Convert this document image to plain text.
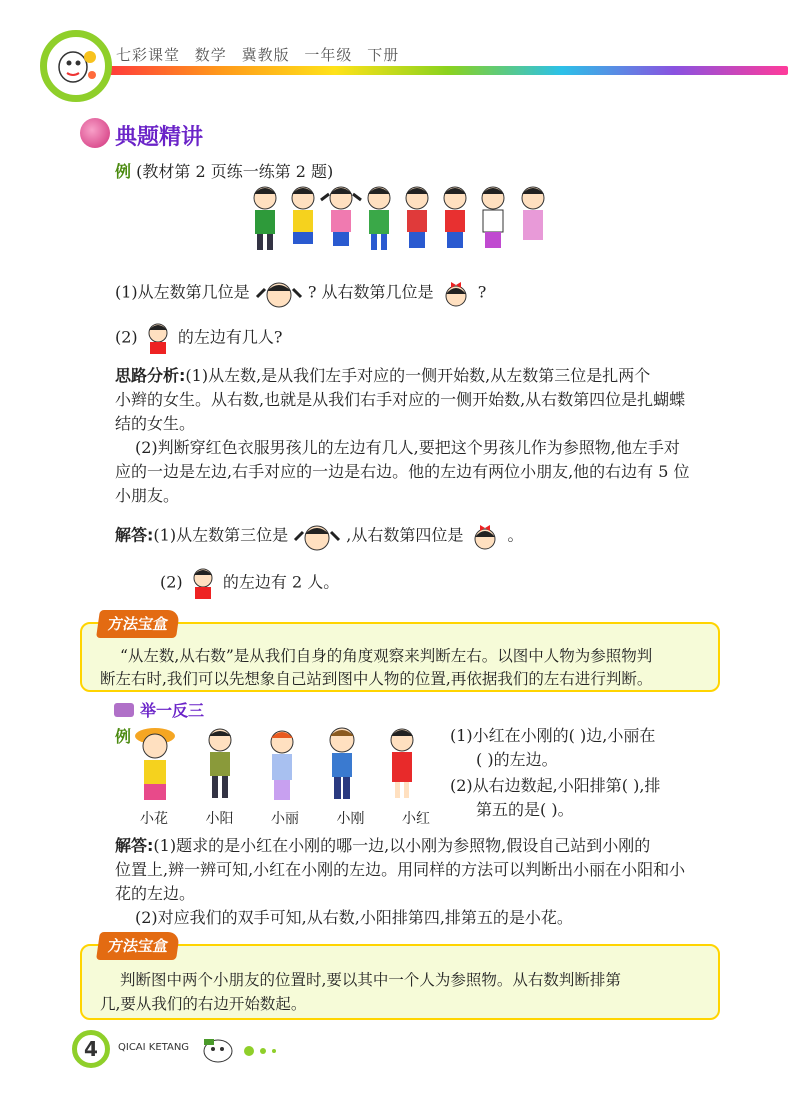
七彩课堂 数学 冀教版 一年级 下册
典题精讲
例 (教材第 2 页练一练第 2 题)
(1)从左数第几位是	? 从右数第几位是	?
(2)	的左边有几人?
思路分析:(1)从左数,是从我们左手对应的一侧开始数,从左数第三位是扎两个
小辫的女生。从右数,也就是从我们右手对应的一侧开始数,从右数第四位是扎蝴蝶
结的女生。
(2)判断穿红色衣服男孩儿的左边有几人,要把这个男孩儿作为参照物,他左手对
应的一边是左边,右手对应的一边是右边。他的左边有两位小朋友,他的右边有 5 位
小朋友。
解答:(1)从左数第三位是	,从右数第四位是	。
(2)	的左边有 2 人。
方法宝盒
“从左数,从右数”是从我们自身的角度观察来判断左右。以图中人物为参照物判
断左右时,我们可以先想象自己站到图中人物的位置,再依据我们的左右进行判断。
举一反三
例
小花	小阳	小丽	小刚	小红
(1)小红在小刚的( )边,小丽在
( )的左边。
(2)从右边数起,小阳排第( ),排
第五的是( )。
解答:(1)题求的是小红在小刚的哪一边,以小刚为参照物,假设自己站到小刚的
位置上,辨一辨可知,小红在小刚的左边。用同样的方法可以判断出小丽在小阳和小
花的左边。
(2)对应我们的双手可知,从右数,小阳排第四,排第五的是小花。
方法宝盒
判断图中两个小朋友的位置时,要以其中一个人为参照物。从右数判断排第
几,要从我们的右边开始数起。
4	QICAI KETANG
